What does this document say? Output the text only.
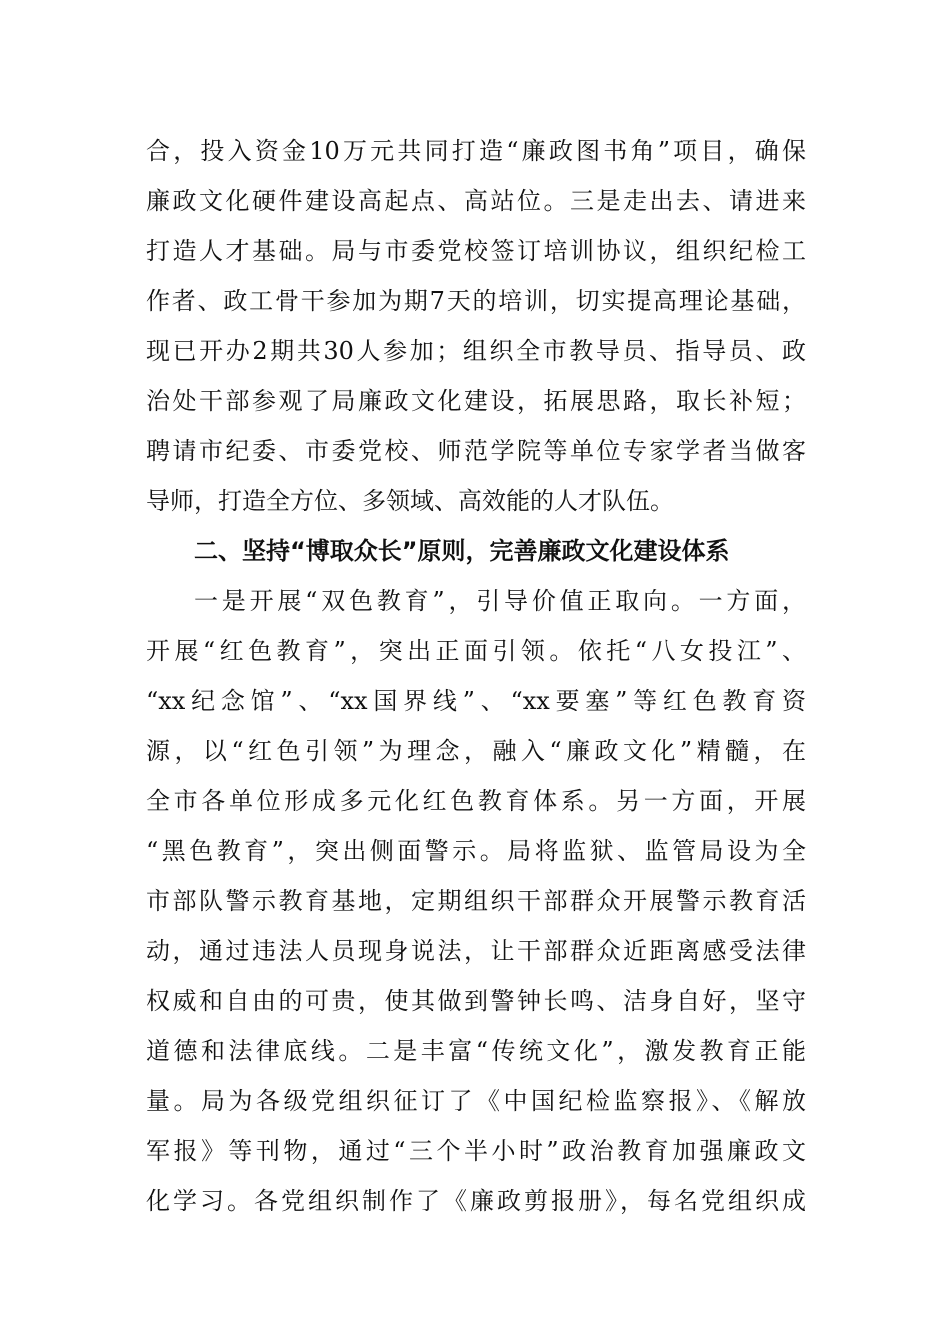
合，投入资金10万元共同打造“廉政图书角”项目，确保
廉政文化硬件建设高起点、高站位。三是走出去、请进来
打造人才基础。局与市委党校签订培训协议，组织纪检工
作者、政工骨干参加为期7天的培训，切实提高理论基础，
现已开办2期共30人参加；组织全市教导员、指导员、政
治处干部参观了局廉政文化建设，拓展思路，取长补短；
聘请市纪委、市委党校、师范学院等单位专家学者当做客
导师，打造全方位、多领域、高效能的人才队伍。
二、坚持“博取众长”原则，完善廉政文化建设体系
一是开展“双色教育”，引导价值正取向。一方面，
开展“红色教育”，突出正面引领。依托“八女投江”、
“xx纪念馆”、“xx国界线”、“xx要塞”等红色教育资
源，以“红色引领”为理念，融入“廉政文化”精髓，在
全市各单位形成多元化红色教育体系。另一方面，开展
“黑色教育”，突出侧面警示。局将监狱、监管局设为全
市部队警示教育基地，定期组织干部群众开展警示教育活
动，通过违法人员现身说法，让干部群众近距离感受法律
权威和自由的可贵，使其做到警钟长鸣、洁身自好，坚守
道德和法律底线。二是丰富“传统文化”，激发教育正能
量。局为各级党组织征订了《中国纪检监察报》、《解放
军报》等刊物，通过“三个半小时”政治教育加强廉政文
化学习。各党组织制作了《廉政剪报册》，每名党组织成
